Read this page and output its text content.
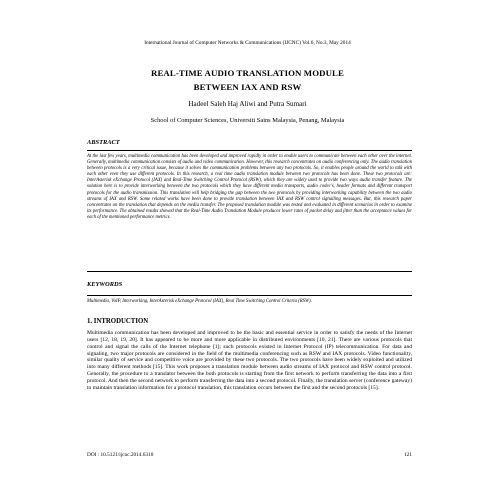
International Journal of Computer Networks & Communications (IJCNC) Vol.6, No.3, May 2014
REAL-TIME AUDIO TRANSLATION MODULE
BETWEEN IAX AND RSW
Hadeel Saleh Haj Aliwi and Putra Sumari
School of Computer Sciences, Universiti Sains Malaysia, Penang, Malaysia
ABSTRACT
At the last few years, multimedia communication has been developed and improved rapidly in order to enable users to communicate between each other over the internet. Generally, multimedia communication consists of audio and video communication. However, this research concentrates on audio conferencing only. The audio translation between protocols is a very critical issue, because it solves the communication problems between any two protocols. So, it enables people around the world to talk with each other even they use different protocols. In this research, a real time audio translation module between two protocols has been done. These two protocols are: InterAsterisk eXchange Protocol (IAX) and Real-Time Switching Control Protocol (RSW), which they are widely used to provide two ways audio transfer feature. The solution here is to provide interworking between the two protocols which they have different media transports, audio codec's, header formats and different transport protocols for the audio transmission. This translation will help bridging the gap between the two protocols by providing interworking capability between the two audio streams of IAX and RSW. Some related works have been done to provide translation between IAX and RSW control signalling messages. But, this research paper concentrates on the translation that depends on the media transfer. The proposed translation module was tested and evaluated in different scenarios in order to examine its performance. The obtained results showed that the Real-Time Audio Translation Module produces lower rates of packet delay and jitter than the acceptance values for each of the mentioned performance metrics.
KEYWORDS
Multimedia, VoIP, Interworking, InterAsterisk eXchange Protocol (IAX), Real Time Switching Control Criteria (RSW).
1. INTRODUCTION
Multimedia communication has been developed and improved to be the basic and essential service in order to satisfy the needs of the Internet users [12, 18, 19, 20]. It has appeared to be more and more applicable in distributed environments [10, 21]. There are various protocols that control and signal the calls of the Internet telephone [1]; such protocols existed in Internet Protocol (IP) telecommunication. For data and signaling, two major protocols are considered in the field of the multimedia conferencing such as RSW and IAX protocols. Video functionality, similar quality of service and competitive voice are provided by these two protocols. The two protocols have been widely exploited and utilized into many different methods [15]. This work proposes a translation module between audio streams of IAX protocol and RSW control protocol. Generally, the procedure to a translator between the both protocols is starting from the first network to perform transferring the data into a first protocol. And then the second network to perform transferring the data into a second protocol. Finally, the translation server (conference gateway) to maintain translation information for a protocol translation, this translation occurs between the first and the second protocols [15].
DOI : 10.5121/ijcnc.2014.6310	121
